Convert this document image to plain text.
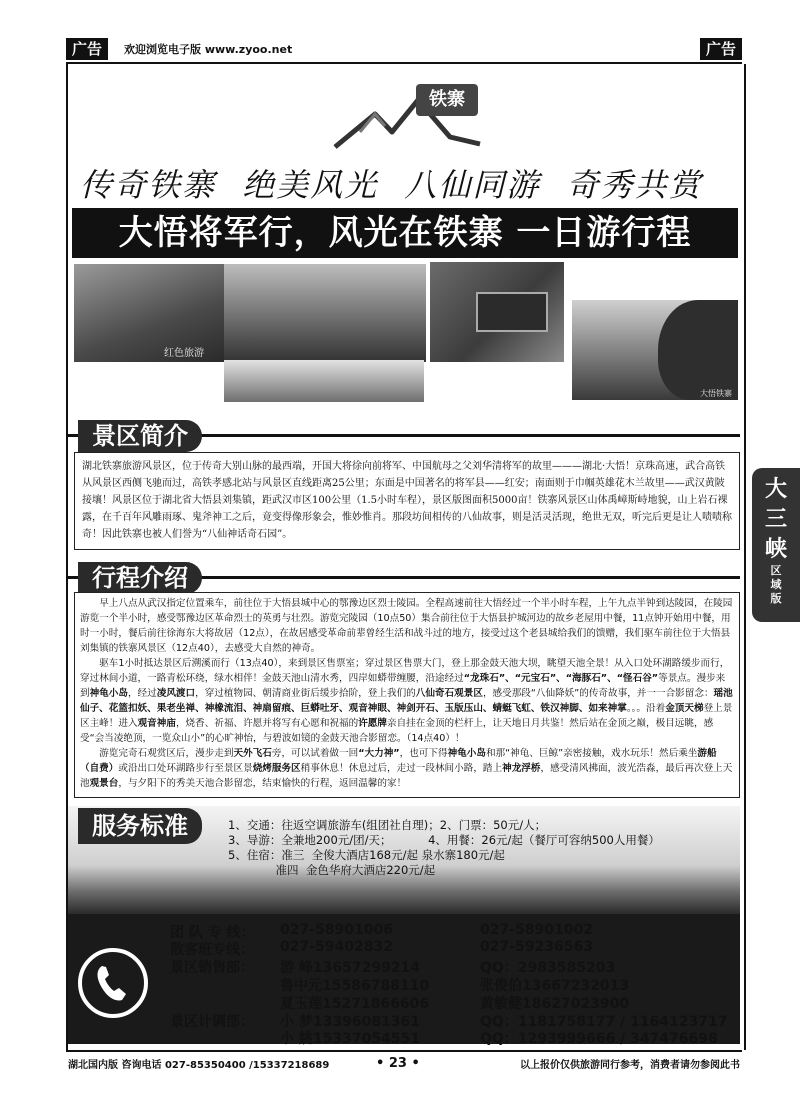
广告	欢迎浏览电子版 www.zyoo.net	广告
铁寨
传奇铁寨 绝美风光 八仙同游 奇秀共赏
大悟将军行，风光在铁寨 一日游行程
红色旅游
大悟铁寨
景区简介
湖北铁寨旅游风景区，位于传奇大别山脉的最西端，开国大将徐向前将军、中国航母之父刘华清将军的故里———湖北·大悟！京珠高速，武合高铁从风景区西侧飞驰而过，高铁孝感北站与风景区直线距离25公里；东面是中国著名的将军县——红安；南面则于巾帼英雄花木兰故里——武汉黄陂接壤！风景区位于湖北省大悟县刘集镇，距武汉市区100公里（1.5小时车程），景区版图面积5000亩！铁寨风景区山体禹嶂斯峙地貌，山上岩石裸露，在千百年风雕雨琢、鬼斧神工之后，竟变得像形象会，惟妙惟肖。那段坊间相传的八仙故事，则是活灵活现，绝世无双，听完后更是让人啧啧称奇！因此铁寨也被人们誉为“八仙神话奇石园”。
大三峡
区域版
行程介绍

早上八点从武汉指定位置乘车，前往位于大悟县城中心的鄂豫边区烈士陵园。全程高速前往大悟经过一个半小时车程，上午九点半钟到达陵园，在陵园游览一个半小时，感受鄂豫边区革命烈士的英勇与壮烈。游览完陵园（10点50）集合前往位于大悟县护城河边的故乡老屋用中餐，11点钟开始用中餐，用时一小时，餐后前往徐海东大将故居（12点），在故居感受革命前辈曾经生活和战斗过的地方，接受过这个老县城给我们的馈赠，我们驱车前往位于大悟县刘集镇的铁寨风景区（12点40），去感受大自然的神奇。

驱车1小时抵达景区后溯溪而行（13点40），来到景区售票室；穿过景区售票大门，登上那金鼓天池大坝，眺望天池全景！从入口处环湖路缓步而行，穿过林间小道，一路青松环绕，绿水相伴！金鼓天池山清水秀，四岸如蟒带缠腰，沿途经过“龙珠石”、“元宝石”、“海豚石”、“怪石谷”等景点。漫步来到神龟小岛，经过凌风渡口，穿过植物园、朝清商业街后缓步拾阶，登上我们的八仙奇石观景区，感受那段“八仙降妖”的传奇故事，并一一合影留念：瑶池仙子、花篮扣妖、果老坐禅、神橡流泪、神扇留痕、巨蟒吐牙、观音神眼、神剑开石、玉版压山、蜻蜓飞虹、铁汉神脚、如来神掌。。。沿着金顶天梯登上景区主峰！进入观音神庙，烧香、祈福、许愿并将写有心愿和祝福的许愿牌亲自挂在金顶的栏杆上，让天地日月共鉴！然后站在金顶之巅，极目远眺，感受“会当凌绝顶，一览众山小”的心旷神怡，与碧波如镜的金鼓天池合影留恋。（14点40）！

游览完奇石观赏区后，漫步走到天外飞石旁，可以试着做一回“大力神”，也可下得神龟小岛和那“神龟、巨鲸”亲密接触，戏水玩乐！然后乘坐游船（自费）或沿出口处环湖路步行至景区景烧烤服务区稍事休息！休息过后，走过一段林间小路，踏上神龙浮桥，感受清风拂面，波光浩淼，最后再次登上天池观景台，与夕阳下的秀美天池合影留恋，结束愉快的行程，返回温馨的家！

服务标准	1、交通：往返空调旅游车(组团社自理)；2、门票：50元/人；
3、导游：全兼地200元/团/天；          4、用餐：26元/起（餐厅可容纳500人用餐）
5、住宿：准三  全俊大酒店168元/起 泉水寨180元/起
准四  金色华府大酒店220元/起
团 队 专 线： 027-58901006	027-58901002
散客班专线： 027-59402832	027-59236563
景区销售部： 游 峰13657299214	QQ：2983585203
鲁中元15586788110	张俊伯13667232013
夏玉莲15271866606	黄敏健18627023900
景区计调部： 小 梦13396081361	QQ：1181758177 / 1164123717
小 姚15337054551	QQ：1293999666 / 347476698
湖北国内版 咨询电话 027-85350400 /15337218689	• 23 •	以上报价仅供旅游同行参考，消费者请勿参阅此书
